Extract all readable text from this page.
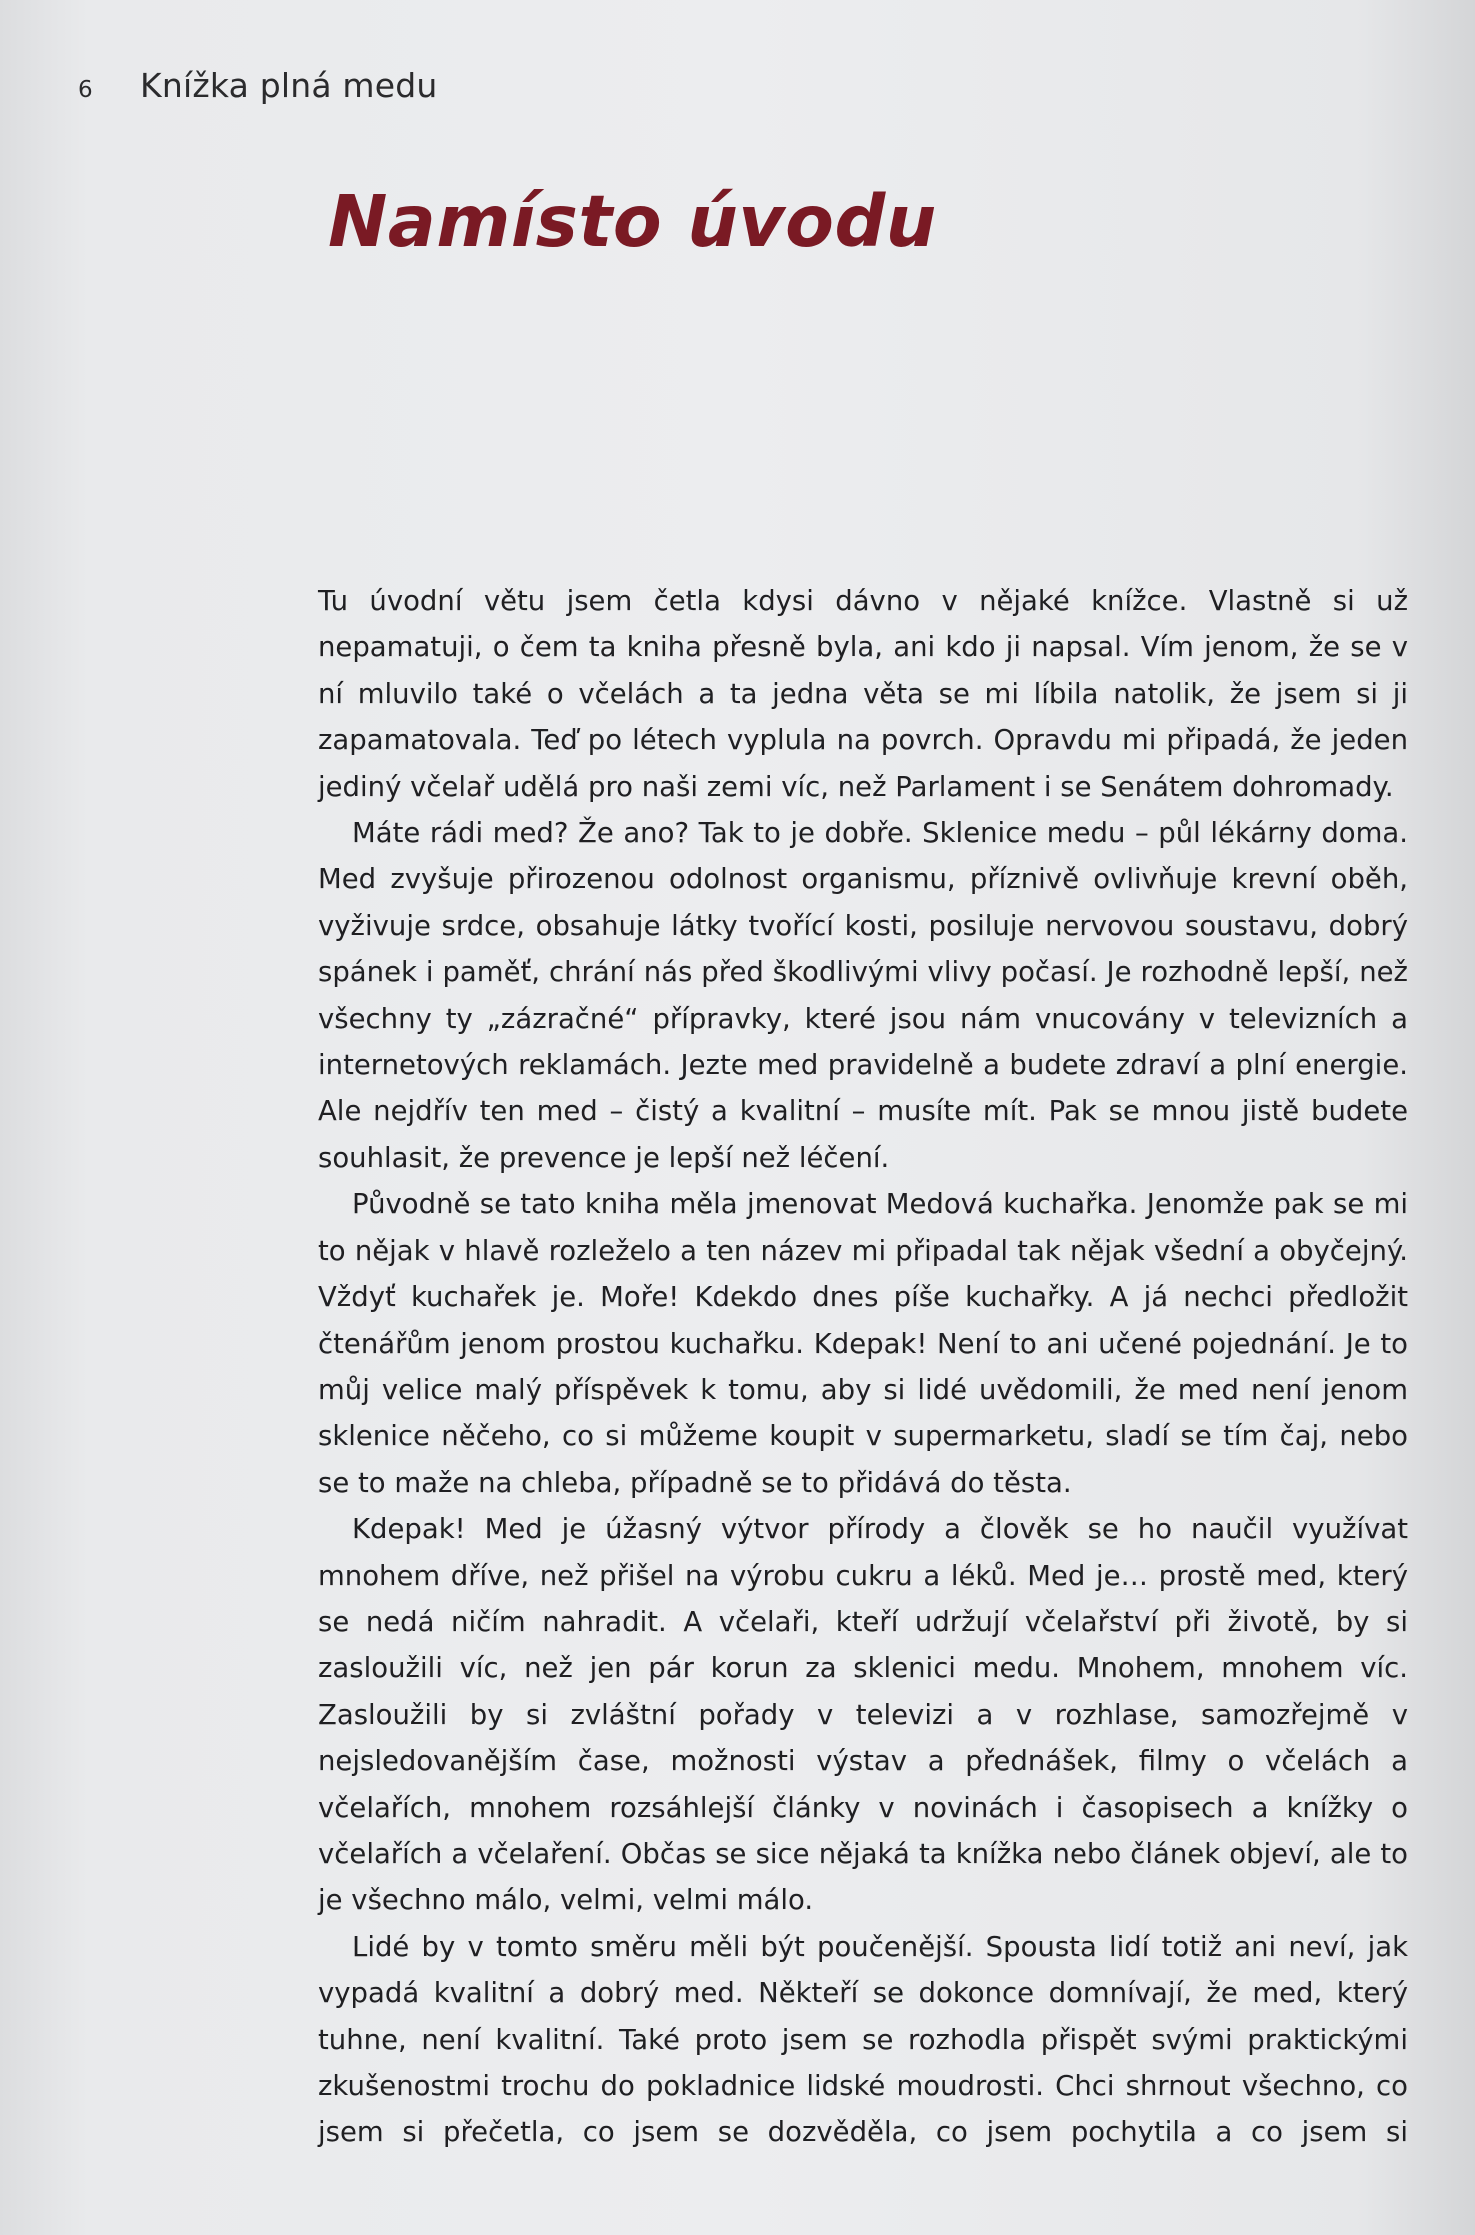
6	Knížka plná medu
Namísto úvodu

Tu úvodní větu jsem četla kdysi dávno v nějaké knížce. Vlastně si už nepamatuji, o čem ta kniha přesně byla, ani kdo ji napsal. Vím jenom, že se v ní mluvilo také o včelách a ta jedna věta se mi líbila natolik, že jsem si ji zapamatovala. Teď po létech vyplula na povrch. Opravdu mi připadá, že jeden jediný včelař udělá pro naši zemi víc, než Parlament i se Senátem dohromady.

Máte rádi med? Že ano? Tak to je dobře. Sklenice medu – půl lékárny doma. Med zvyšuje přirozenou odolnost organismu, příznivě ovlivňuje krevní oběh, vyživuje srdce, obsahuje látky tvořící kosti, posiluje nervovou soustavu, dobrý spánek i paměť, chrání nás před škodlivými vlivy počasí. Je rozhodně lepší, než všechny ty „zázračné“ přípravky, které jsou nám vnucovány v televizních a internetových reklamách. Jezte med pravidelně a budete zdraví a plní energie. Ale nejdřív ten med – čistý a kvalitní – musíte mít. Pak se mnou jistě budete souhlasit, že prevence je lepší než léčení.

Původně se tato kniha měla jmenovat Medová kuchařka. Jenomže pak se mi to nějak v hlavě rozleželo a ten název mi připadal tak nějak všední a obyčejný. Vždyť kuchařek je. Moře! Kdekdo dnes píše kuchařky. A já nechci předložit čtenářům jenom prostou kuchařku. Kdepak! Není to ani učené pojednání. Je to můj velice malý příspěvek k tomu, aby si lidé uvědomili, že med není jenom sklenice něčeho, co si můžeme koupit v supermarketu, sladí se tím čaj, nebo se to maže na chleba, případně se to přidává do těsta.

Kdepak! Med je úžasný výtvor přírody a člověk se ho naučil využívat mnohem dříve, než přišel na výrobu cukru a léků. Med je… prostě med, který se nedá ničím nahradit. A včelaři, kteří udržují včelařství při životě, by si zasloužili víc, než jen pár korun za sklenici medu. Mnohem, mnohem víc. Zasloužili by si zvláštní pořady v televizi a v rozhlase, samozřejmě v nejsledovanějším čase, možnosti výstav a přednášek, filmy o včelách a včelařích, mnohem rozsáhlejší články v novinách i časopisech a knížky o včelařích a včelaření. Občas se sice nějaká ta knížka nebo článek objeví, ale to je všechno málo, velmi, velmi málo.

Lidé by v tomto směru měli být poučenější. Spousta lidí totiž ani neví, jak vypadá kvalitní a dobrý med. Někteří se dokonce domnívají, že med, který tuhne, není kvalitní. Také proto jsem se rozhodla přispět svými praktickými zkušenostmi trochu do pokladnice lidské moudrosti. Chci shrnout všechno, co jsem si přečetla, co jsem se dozvěděla, co jsem pochytila a co jsem si
